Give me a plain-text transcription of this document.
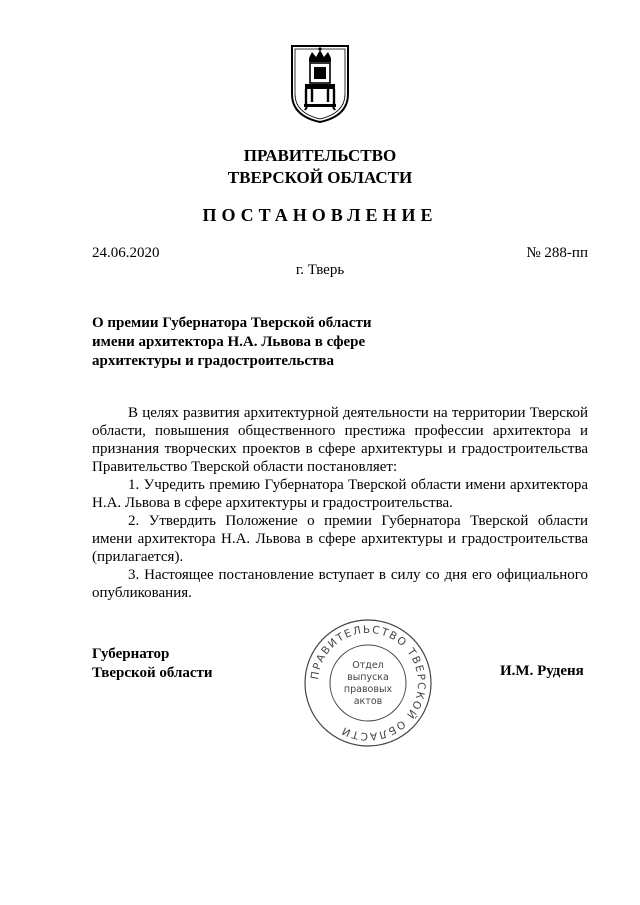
ПРАВИТЕЛЬСТВО
ТВЕРСКОЙ ОБЛАСТИ
ПОСТАНОВЛЕНИЕ
24.06.2020	№ 288-пп
г. Тверь
О премии Губернатора Тверской области
имени архитектора Н.А. Львова в сфере
архитектуры и градостроительства

В целях развития архитектурной деятельности на территории Тверской области, повышения общественного престижа профессии архитектора и признания творческих проектов в сфере архитектуры и градостроительства Правительство Тверской области постановляет:

1. Учредить премию Губернатора Тверской области имени архитектора Н.А. Львова в сфере архитектуры и градостроительства.

2. Утвердить Положение о премии Губернатора Тверской области имени архитектора Н.А. Львова в сфере архитектуры и градостроительства (прилагается).

3. Настоящее постановление вступает в силу со дня его официального опубликования.

Губернатор
Тверской области	И.М. Руденя
ПРАВИТЕЛЬСТВО ТВЕРСКОЙ ОБЛАСТИ
Отдел
выпуска
правовых
актов
